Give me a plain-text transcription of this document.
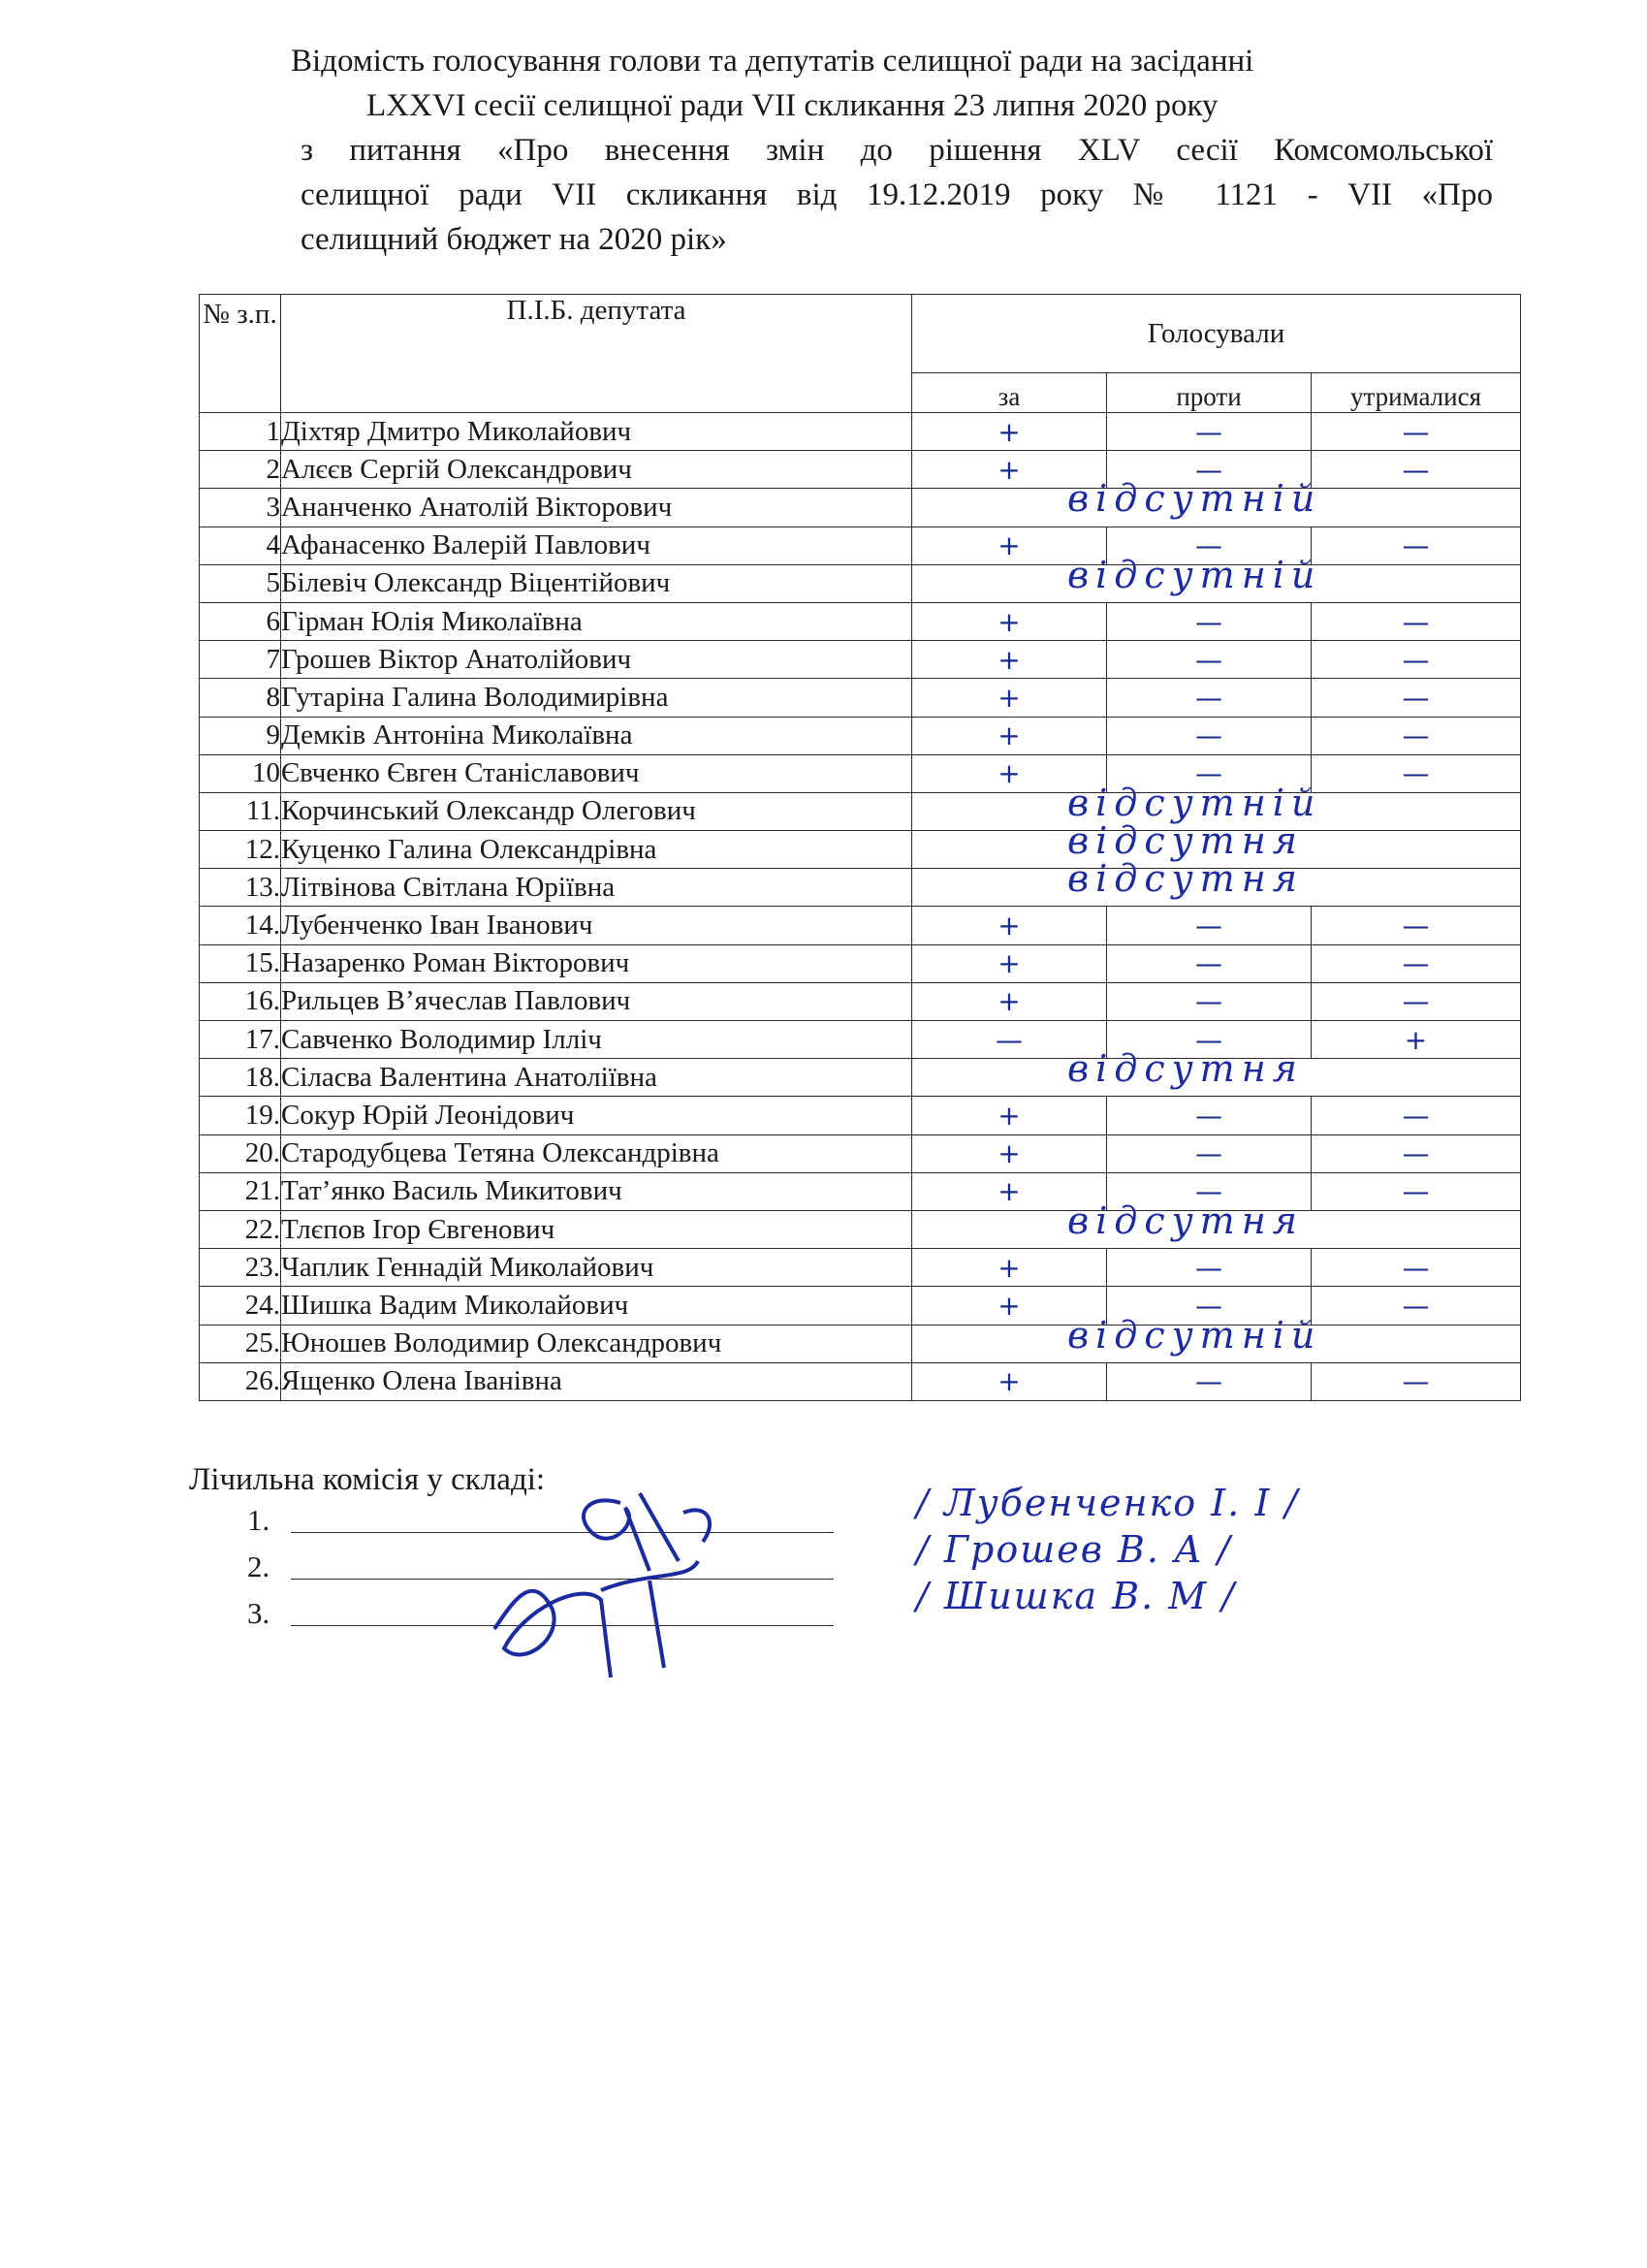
Відомість голосування голови та депутатів селищної ради на засіданні
LXXVI сесії селищної ради VII скликання 23 липня 2020 року
з питання «Про внесення змін до рішення XLV сесії Комсомольської
селищної ради VII скликання від 19.12.2019 року № 1121 - VII «Про
селищний бюджет на 2020 рік»
№ з.п.	П.І.Б. депутата	Голосували		
		за	проти	утрималися
1	Діхтяр Дмитро Миколайович	+	—	—
2	Алєєв Сергій Олександрович	+	—	—
3	Ананченко Анатолій Вікторович	відсутній		

4	Афанасенко Валерій Павлович	+	—	—
5	Білевіч Олександр Віцентійович	відсутній		

6	Гірман Юлія Миколаївна	+	—	—
7	Грошев Віктор Анатолійович	+	—	—
8	Гутаріна Галина Володимирівна	+	—	—
9	Демків Антоніна Миколаївна	+	—	—
10	Євченко Євген Станіславович	+	—	—
11.	Корчинський Олександр Олегович	відсутній		

12.	Куценко Галина Олександрівна	відсутня		

13.	Літвінова Світлана Юріївна	відсутня		

14.	Лубенченко Іван Іванович	+	—	—
15.	Назаренко Роман Вікторович	+	—	—
16.	Рильцев В’ячеслав Павлович	+	—	—
17.	Савченко Володимир Ілліч	—	—	+
18.	Сіласва Валентина Анатоліївна	відсутня		

19.	Сокур Юрій Леонідович	+	—	—
20.	Стародубцева Тетяна Олександрівна	+	—	—
21.	Тат’янко Василь Микитович	+	—	—
22.	Тлєпов Ігор Євгенович	відсутня		

23.	Чаплик Геннадій Миколайович	+	—	—
24.	Шишка Вадим Миколайович	+	—	—
25.	Юношев Володимир Олександрович	відсутній		

26.	Ященко Олена Іванівна	+	—	—
Лічильна комісія у складі:
1.	/ Лубенченко І. І /
2.	/ Грошев В. А /
3.	/ Шишка В. М /
